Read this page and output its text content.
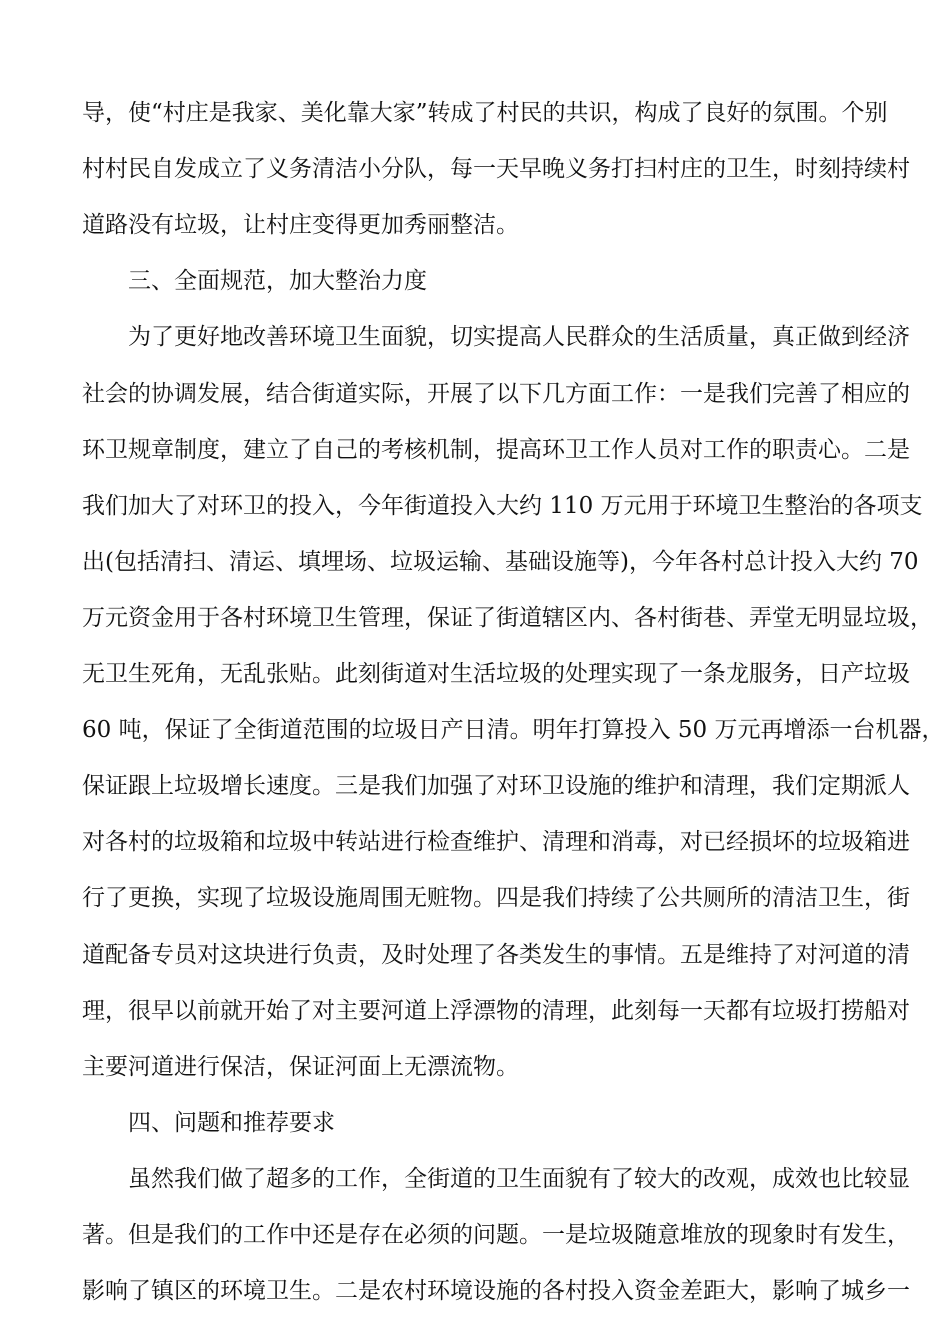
导，使“村庄是我家、美化靠大家”转成了村民的共识，构成了良好的氛围。个别
村村民自发成立了义务清洁小分队，每一天早晚义务打扫村庄的卫生，时刻持续村
道路没有垃圾，让村庄变得更加秀丽整洁。
三、全面规范，加大整治力度
为了更好地改善环境卫生面貌，切实提高人民群众的生活质量，真正做到经济
社会的协调发展，结合街道实际，开展了以下几方面工作：一是我们完善了相应的
环卫规章制度，建立了自己的考核机制，提高环卫工作人员对工作的职责心。二是
我们加大了对环卫的投入，今年街道投入大约 110 万元用于环境卫生整治的各项支
出(包括清扫、清运、填埋场、垃圾运输、基础设施等)，今年各村总计投入大约 70
万元资金用于各村环境卫生管理，保证了街道辖区内、各村街巷、弄堂无明显垃圾，
无卫生死角，无乱张贴。此刻街道对生活垃圾的处理实现了一条龙服务，日产垃圾
60 吨，保证了全街道范围的垃圾日产日清。明年打算投入 50 万元再增添一台机器，
保证跟上垃圾增长速度。三是我们加强了对环卫设施的维护和清理，我们定期派人
对各村的垃圾箱和垃圾中转站进行检查维护、清理和消毒，对已经损坏的垃圾箱进
行了更换，实现了垃圾设施周围无赃物。四是我们持续了公共厕所的清洁卫生，街
道配备专员对这块进行负责，及时处理了各类发生的事情。五是维持了对河道的清
理，很早以前就开始了对主要河道上浮漂物的清理，此刻每一天都有垃圾打捞船对
主要河道进行保洁，保证河面上无漂流物。
四、问题和推荐要求
虽然我们做了超多的工作，全街道的卫生面貌有了较大的改观，成效也比较显
著。但是我们的工作中还是存在必须的问题。一是垃圾随意堆放的现象时有发生，
影响了镇区的环境卫生。二是农村环境设施的各村投入资金差距大，影响了城乡一
